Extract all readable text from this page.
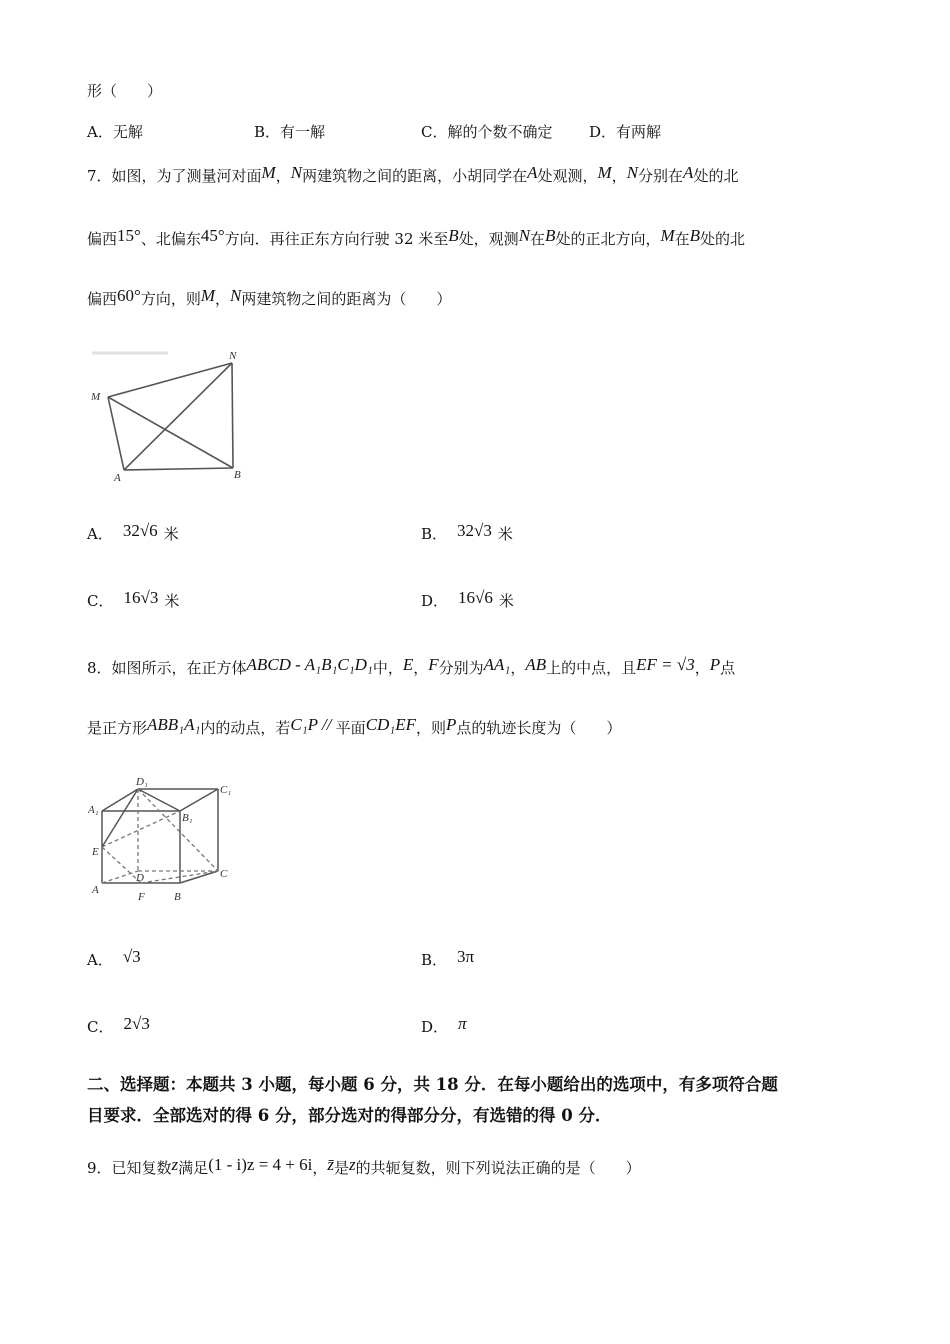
形（　　）
A．无解	B．有一解	C．解的个数不确定 D．有两解
7．如图，为了测量河对面M，N两建筑物之间的距离，小胡同学在A处观测，M，N分别在A处的北
偏西15°、北偏东45°方向．再往正东方向行驶 32 米至B处，观测N在B处的正北方向，M在B处的北
偏西60°方向，则M，N两建筑物之间的距离为（　　）
M
N
A	B
A． 32√6 米	B． 32√3 米
C． 16√3 米	D． 16√6 米
8．如图所示，在正方体ABCD - A₁B₁C₁D₁中，E，F分别为AA₁，AB上的中点，且EF = √3，P点
是正方形ABB₁A₁内的动点，若C₁P // 平面CD₁EF，则P点的轨迹长度为（　　）
D₁
C₁
A₁
B₁
E
D	C
A
F	B
A． √3	B． 3π
C． 2√3	D． π
二、选择题：本题共 3 小题，每小题 6 分，共 18 分．在每小题给出的选项中，有多项符合题
目要求．全部选对的得 6 分，部分选对的得部分分，有选错的得 0 分．
9．已知复数z满足(1 - i)z = 4 + 6i，z̄是z的共轭复数，则下列说法正确的是（　　）
